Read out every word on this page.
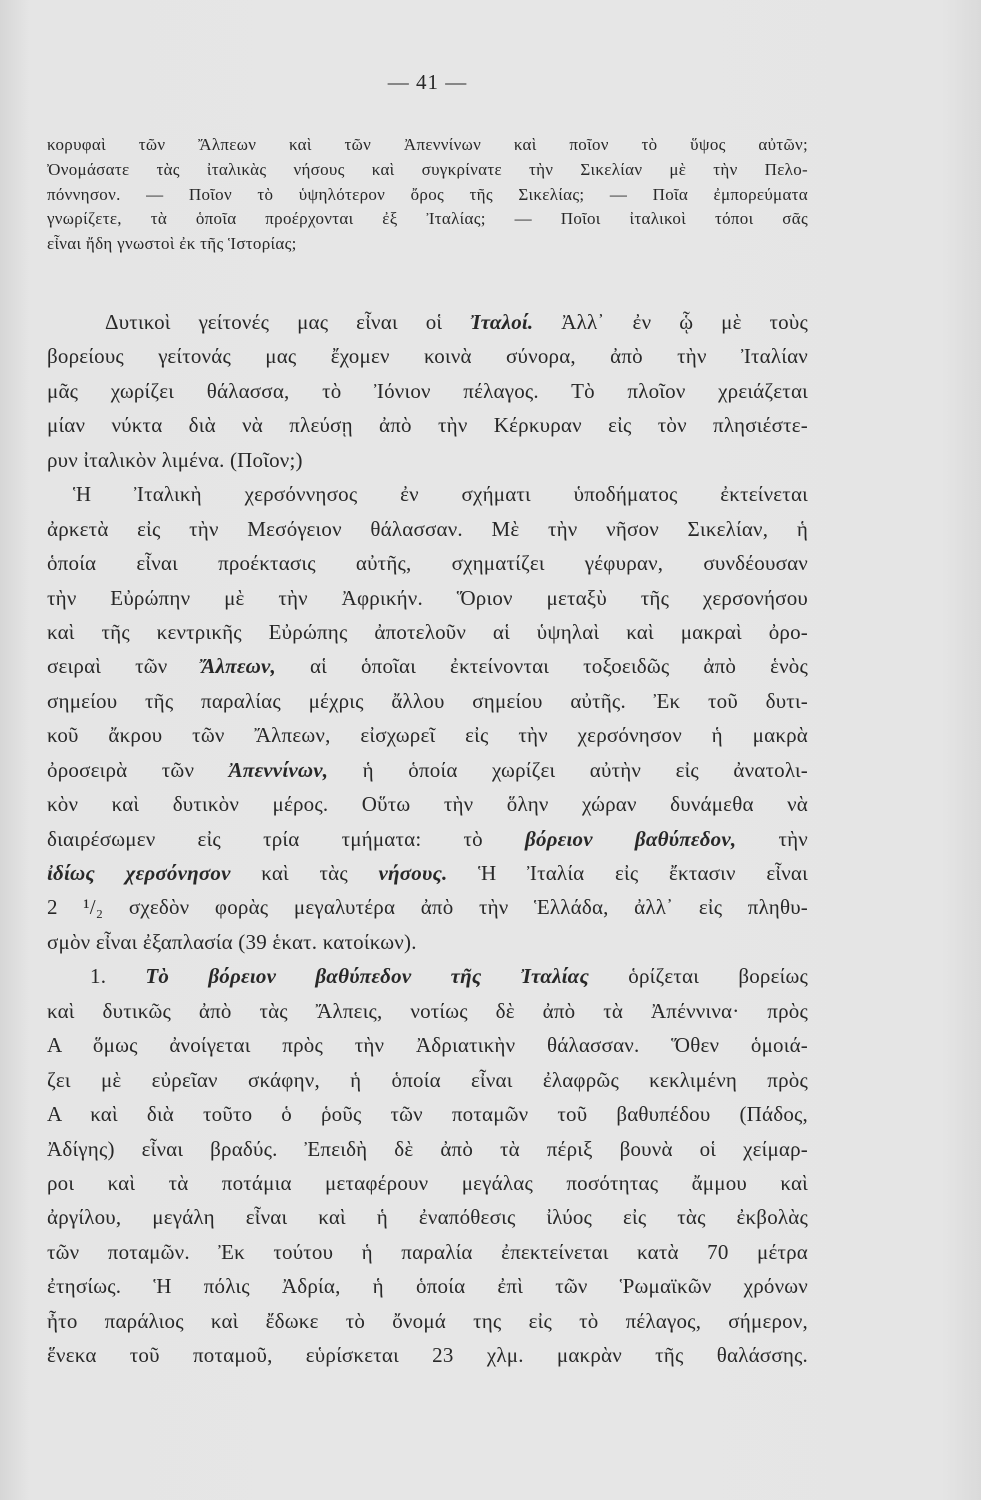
— 41 —
κορυφαὶ τῶν Ἄλπεων καὶ τῶν Ἀπεννίνων καὶ ποῖον τὸ ὕψος αὐτῶν;
Ὀνομάσατε τὰς ἰταλικὰς νήσους καὶ συγκρίνατε τὴν Σικελίαν μὲ τὴν Πελο-
πόννησον. — Ποῖον τὸ ὑψηλότερον ὄρος τῆς Σικελίας; — Ποῖα ἐμπορεύματα
γνωρίζετε, τὰ ὁποῖα προέρχονται ἐξ Ἰταλίας; — Ποῖοι ἰταλικοὶ τόποι σᾶς
εἶναι ἤδη γνωστοὶ ἐκ τῆς Ἱστορίας;
Δυτικοὶ γείτονές μας εἶναι οἱ Ἰταλοί. Ἀλλ᾽ ἐν ᾧ μὲ τοὺς
βορείους γείτονάς μας ἔχομεν κοινὰ σύνορα, ἀπὸ τὴν Ἰταλίαν
μᾶς χωρίζει θάλασσα, τὸ Ἰόνιον πέλαγος. Τὸ πλοῖον χρειάζεται
μίαν νύκτα διὰ νὰ πλεύσῃ ἀπὸ τὴν Κέρκυραν εἰς τὸν πλησιέστε-
ρυν ἰταλικὸν λιμένα. (Ποῖον;)
Ἡ Ἰταλικὴ χερσόννησος ἐν σχήματι ὑποδήματος ἐκτείνεται
ἀρκετὰ εἰς τὴν Μεσόγειον θάλασσαν. Μὲ τὴν νῆσον Σικελίαν, ἡ
ὁποία εἶναι προέκτασις αὐτῆς, σχηματίζει γέφυραν, συνδέουσαν
τὴν Εὐρώπην μὲ τὴν Ἀφρικήν. Ὅριον μεταξὺ τῆς χερσονήσου
καὶ τῆς κεντρικῆς Εὐρώπης ἀποτελοῦν αἱ ὑψηλαὶ καὶ μακραὶ ὀρο-
σειραὶ τῶν Ἄλπεων, αἱ ὁποῖαι ἐκτείνονται τοξοειδῶς ἀπὸ ἑνὸς
σημείου τῆς παραλίας μέχρις ἄλλου σημείου αὐτῆς. Ἐκ τοῦ δυτι-
κοῦ ἄκρου τῶν Ἄλπεων, εἰσχωρεῖ εἰς τὴν χερσόνησον ἡ μακρὰ
ὀροσειρὰ τῶν Ἀπεννίνων, ἡ ὁποία χωρίζει αὐτὴν εἰς ἀνατολι-
κὸν καὶ δυτικὸν μέρος. Οὕτω τὴν ὅλην χώραν δυνάμεθα νὰ
διαιρέσωμεν εἰς τρία τμήματα: τὸ βόρειον βαθύπεδον, τὴν
ἰδίως χερσόνησον καὶ τὰς νήσους. Ἡ Ἰταλία εἰς ἔκτασιν εἶναι
2 ¹/₂ σχεδὸν φορὰς μεγαλυτέρα ἀπὸ τὴν Ἑλλάδα, ἀλλ᾽ εἰς πληθυ-
σμὸν εἶναι ἐξαπλασία (39 ἑκατ. κατοίκων).
1. Τὸ βόρειον βαθύπεδον τῆς Ἰταλίας ὁρίζεται βορείως
καὶ δυτικῶς ἀπὸ τὰς Ἄλπεις, νοτίως δὲ ἀπὸ τὰ Ἀπέννινα· πρὸς
Α ὅμως ἀνοίγεται πρὸς τὴν Ἀδριατικὴν θάλασσαν. Ὅθεν ὁμοιά-
ζει μὲ εὐρεῖαν σκάφην, ἡ ὁποία εἶναι ἐλαφρῶς κεκλιμένη πρὸς
Α καὶ διὰ τοῦτο ὁ ῥοῦς τῶν ποταμῶν τοῦ βαθυπέδου (Πάδος,
Ἀδίγης) εἶναι βραδύς. Ἐπειδὴ δὲ ἀπὸ τὰ πέριξ βουνὰ οἱ χείμαρ-
ροι καὶ τὰ ποτάμια μεταφέρουν μεγάλας ποσότητας ἄμμου καὶ
ἀργίλου, μεγάλη εἶναι καὶ ἡ ἐναπόθεσις ἰλύος εἰς τὰς ἐκβολὰς
τῶν ποταμῶν. Ἐκ τούτου ἡ παραλία ἐπεκτείνεται κατὰ 70 μέτρα
ἐτησίως. Ἡ πόλις Ἀδρία, ἡ ὁποία ἐπὶ τῶν Ῥωμαϊκῶν χρόνων
ἦτο παράλιος καὶ ἔδωκε τὸ ὄνομά της εἰς τὸ πέλαγος, σήμερον,
ἕνεκα τοῦ ποταμοῦ, εὑρίσκεται 23 χλμ. μακρὰν τῆς θαλάσσης.
